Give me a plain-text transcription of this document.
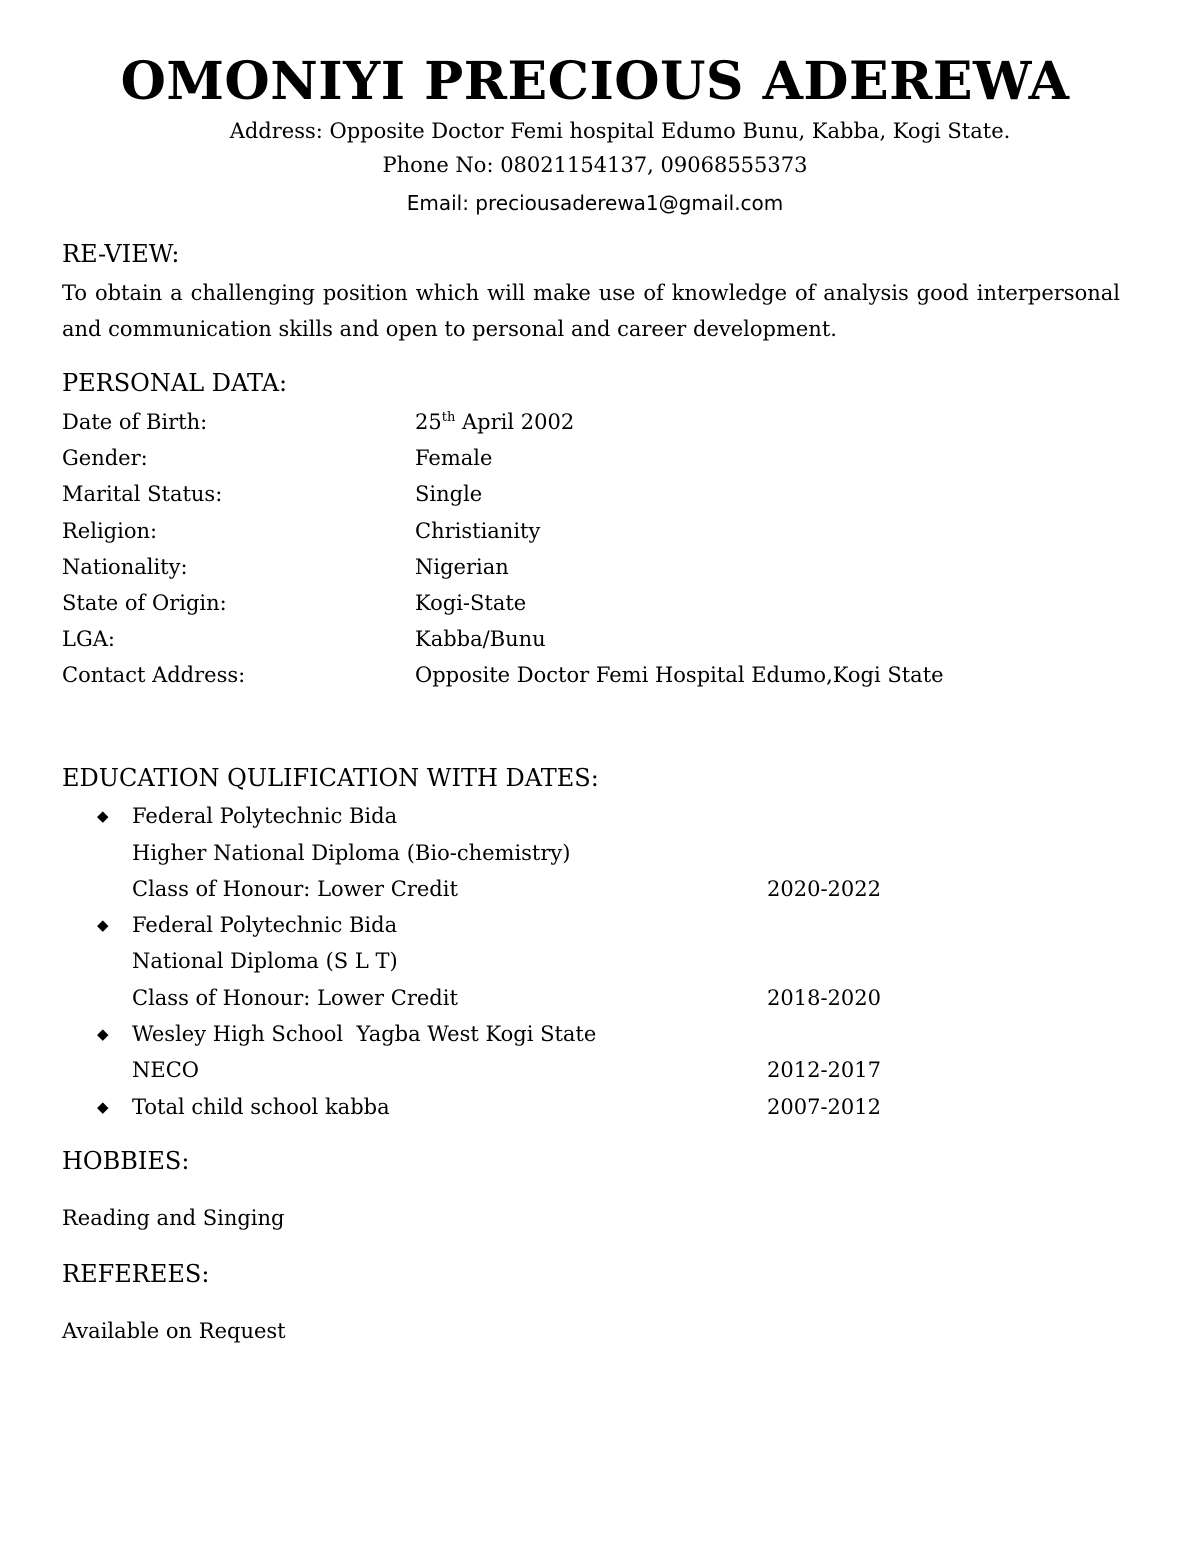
OMONIYI PRECIOUS ADEREWA
Address: Opposite Doctor Femi hospital Edumo Bunu, Kabba, Kogi State.
Phone No: 08021154137, 09068555373
Email: preciousaderewa1@gmail.com
RE-VIEW:
To obtain a challenging position which will make use of knowledge of analysis good interpersonal and communication skills and open to personal and career development.
PERSONAL DATA:
Date of Birth:	25th April 2002
Gender:	Female
Marital Status:	Single
Religion:	Christianity
Nationality:	Nigerian
State of Origin:	Kogi-State
LGA:	Kabba/Bunu
Contact Address:	Opposite Doctor Femi Hospital Edumo,Kogi State
EDUCATION QULIFICATION WITH DATES:
◆ Federal Polytechnic Bida
Higher National Diploma (Bio-chemistry)
Class of Honour: Lower Credit	2020-2022
◆ Federal Polytechnic Bida
National Diploma (S L T)
Class of Honour: Lower Credit	2018-2020
◆ Wesley High School  Yagba West Kogi State
NECO	2012-2017
◆ Total child school kabba	2007-2012
HOBBIES:
Reading and Singing
REFEREES:
Available on Request
